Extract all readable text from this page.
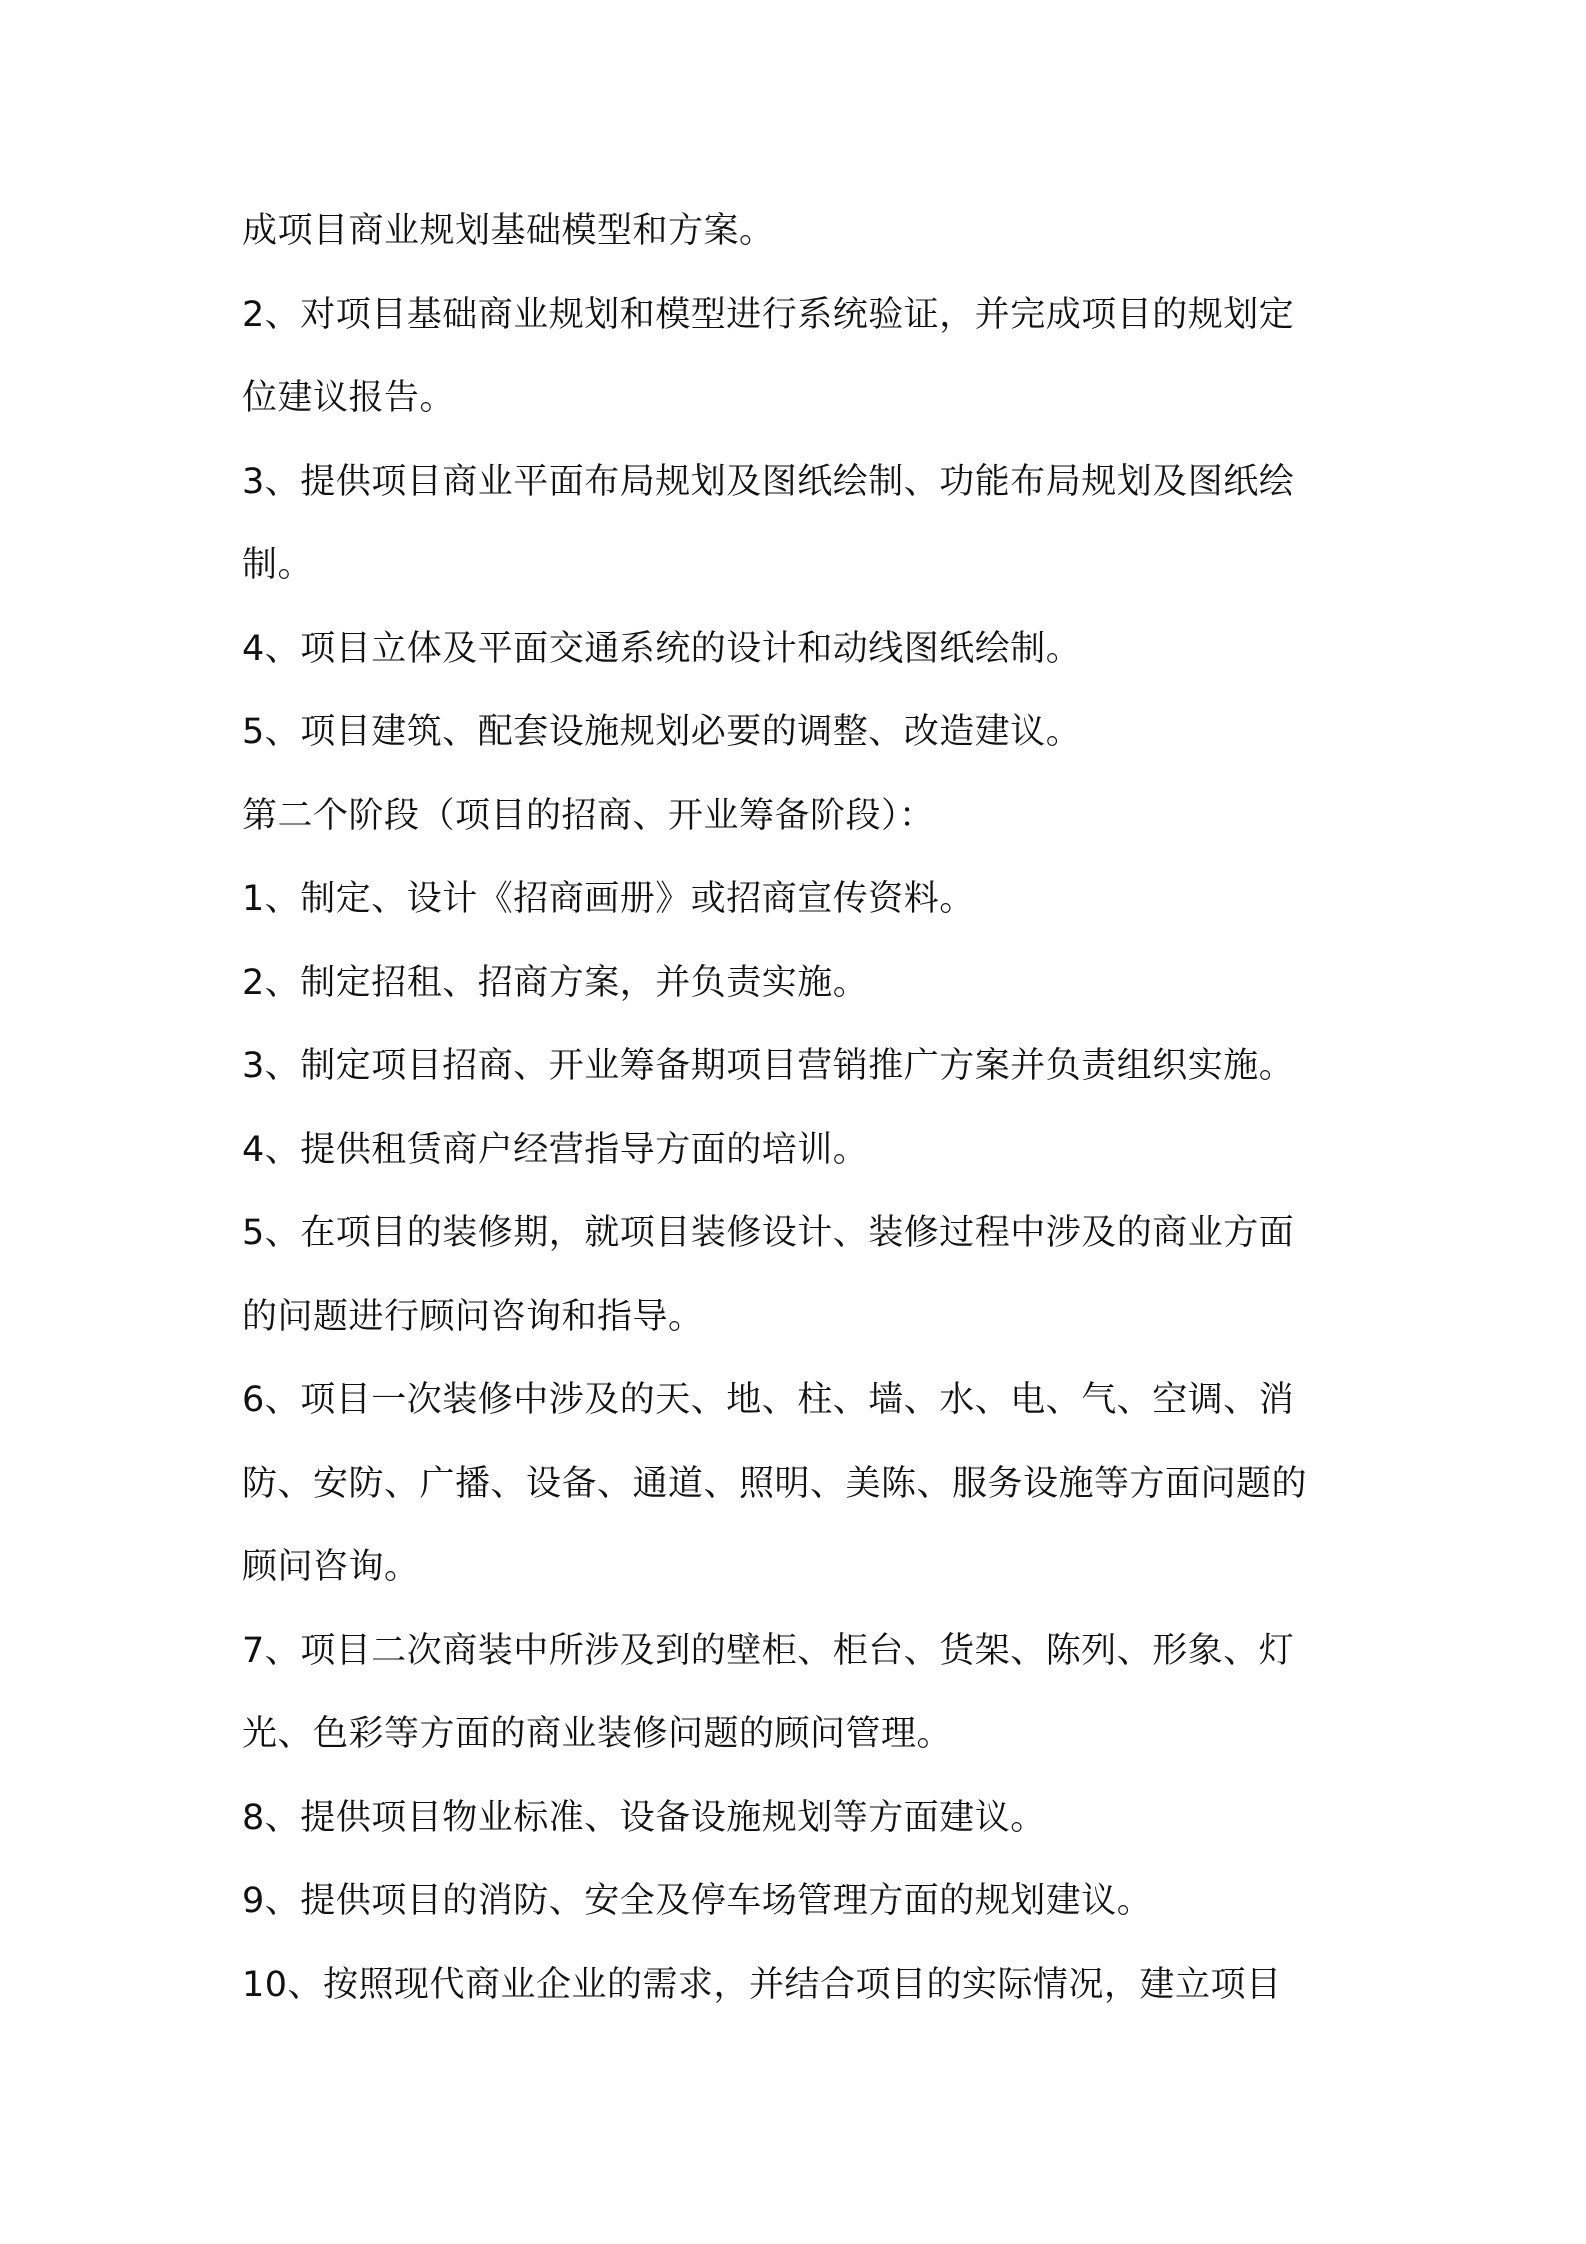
成项目商业规划基础模型和方案。

2、对项目基础商业规划和模型进行系统验证，并完成项目的规划定

位建议报告。

3、提供项目商业平面布局规划及图纸绘制、功能布局规划及图纸绘

制。

4、项目立体及平面交通系统的设计和动线图纸绘制。

5、项目建筑、配套设施规划必要的调整、改造建议。

第二个阶段（项目的招商、开业筹备阶段）：

1、制定、设计《招商画册》或招商宣传资料。

2、制定招租、招商方案，并负责实施。

3、制定项目招商、开业筹备期项目营销推广方案并负责组织实施。

4、提供租赁商户经营指导方面的培训。

5、在项目的装修期，就项目装修设计、装修过程中涉及的商业方面

的问题进行顾问咨询和指导。

6、项目一次装修中涉及的天、地、柱、墙、水、电、气、空调、消

防、安防、广播、设备、通道、照明、美陈、服务设施等方面问题的

顾问咨询。

7、项目二次商装中所涉及到的壁柜、柜台、货架、陈列、形象、灯

光、色彩等方面的商业装修问题的顾问管理。

8、提供项目物业标准、设备设施规划等方面建议。

9、提供项目的消防、安全及停车场管理方面的规划建议。

10、按照现代商业企业的需求，并结合项目的实际情况，建立项目
